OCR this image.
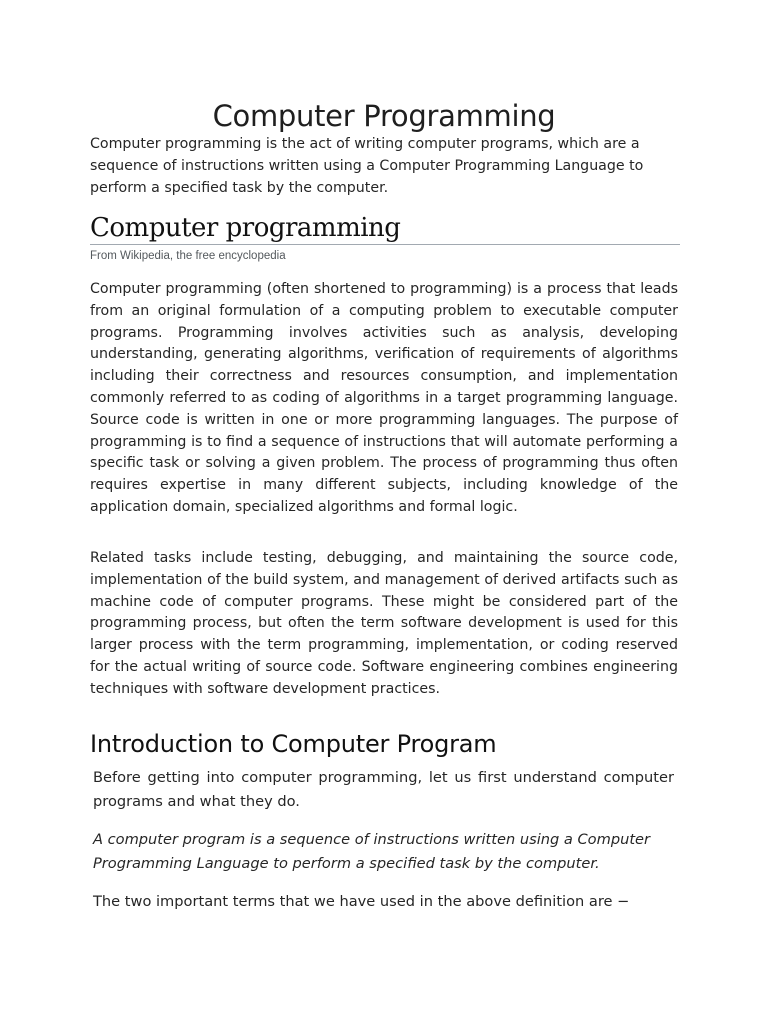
Computer Programming

Computer programming is the act of writing computer programs, which are a sequence of instructions written using a Computer Programming Language to perform a specified task by the computer.

Computer programming
From Wikipedia, the free encyclopedia

Computer programming (often shortened to programming) is a process that leads from an original formulation of a computing problem to executable computer programs. Programming involves activities such as analysis, developing understanding, generating algorithms, verification of requirements of algorithms including their correctness and resources consumption, and implementation commonly referred to as coding of algorithms in a target programming language. Source code is written in one or more programming languages. The purpose of programming is to find a sequence of instructions that will automate performing a specific task or solving a given problem. The process of programming thus often requires expertise in many different subjects, including knowledge of the application domain, specialized algorithms and formal logic.

Related tasks include testing, debugging, and maintaining the source code, implementation of the build system, and management of derived artifacts such as machine code of computer programs. These might be considered part of the programming process, but often the term software development is used for this larger process with the term programming, implementation, or coding reserved for the actual writing of source code. Software engineering combines engineering techniques with software development practices.

Introduction to Computer Program

Before getting into computer programming, let us first understand computer programs and what they do.

A computer program is a sequence of instructions written using a Computer Programming Language to perform a specified task by the computer.

The two important terms that we have used in the above definition are −
